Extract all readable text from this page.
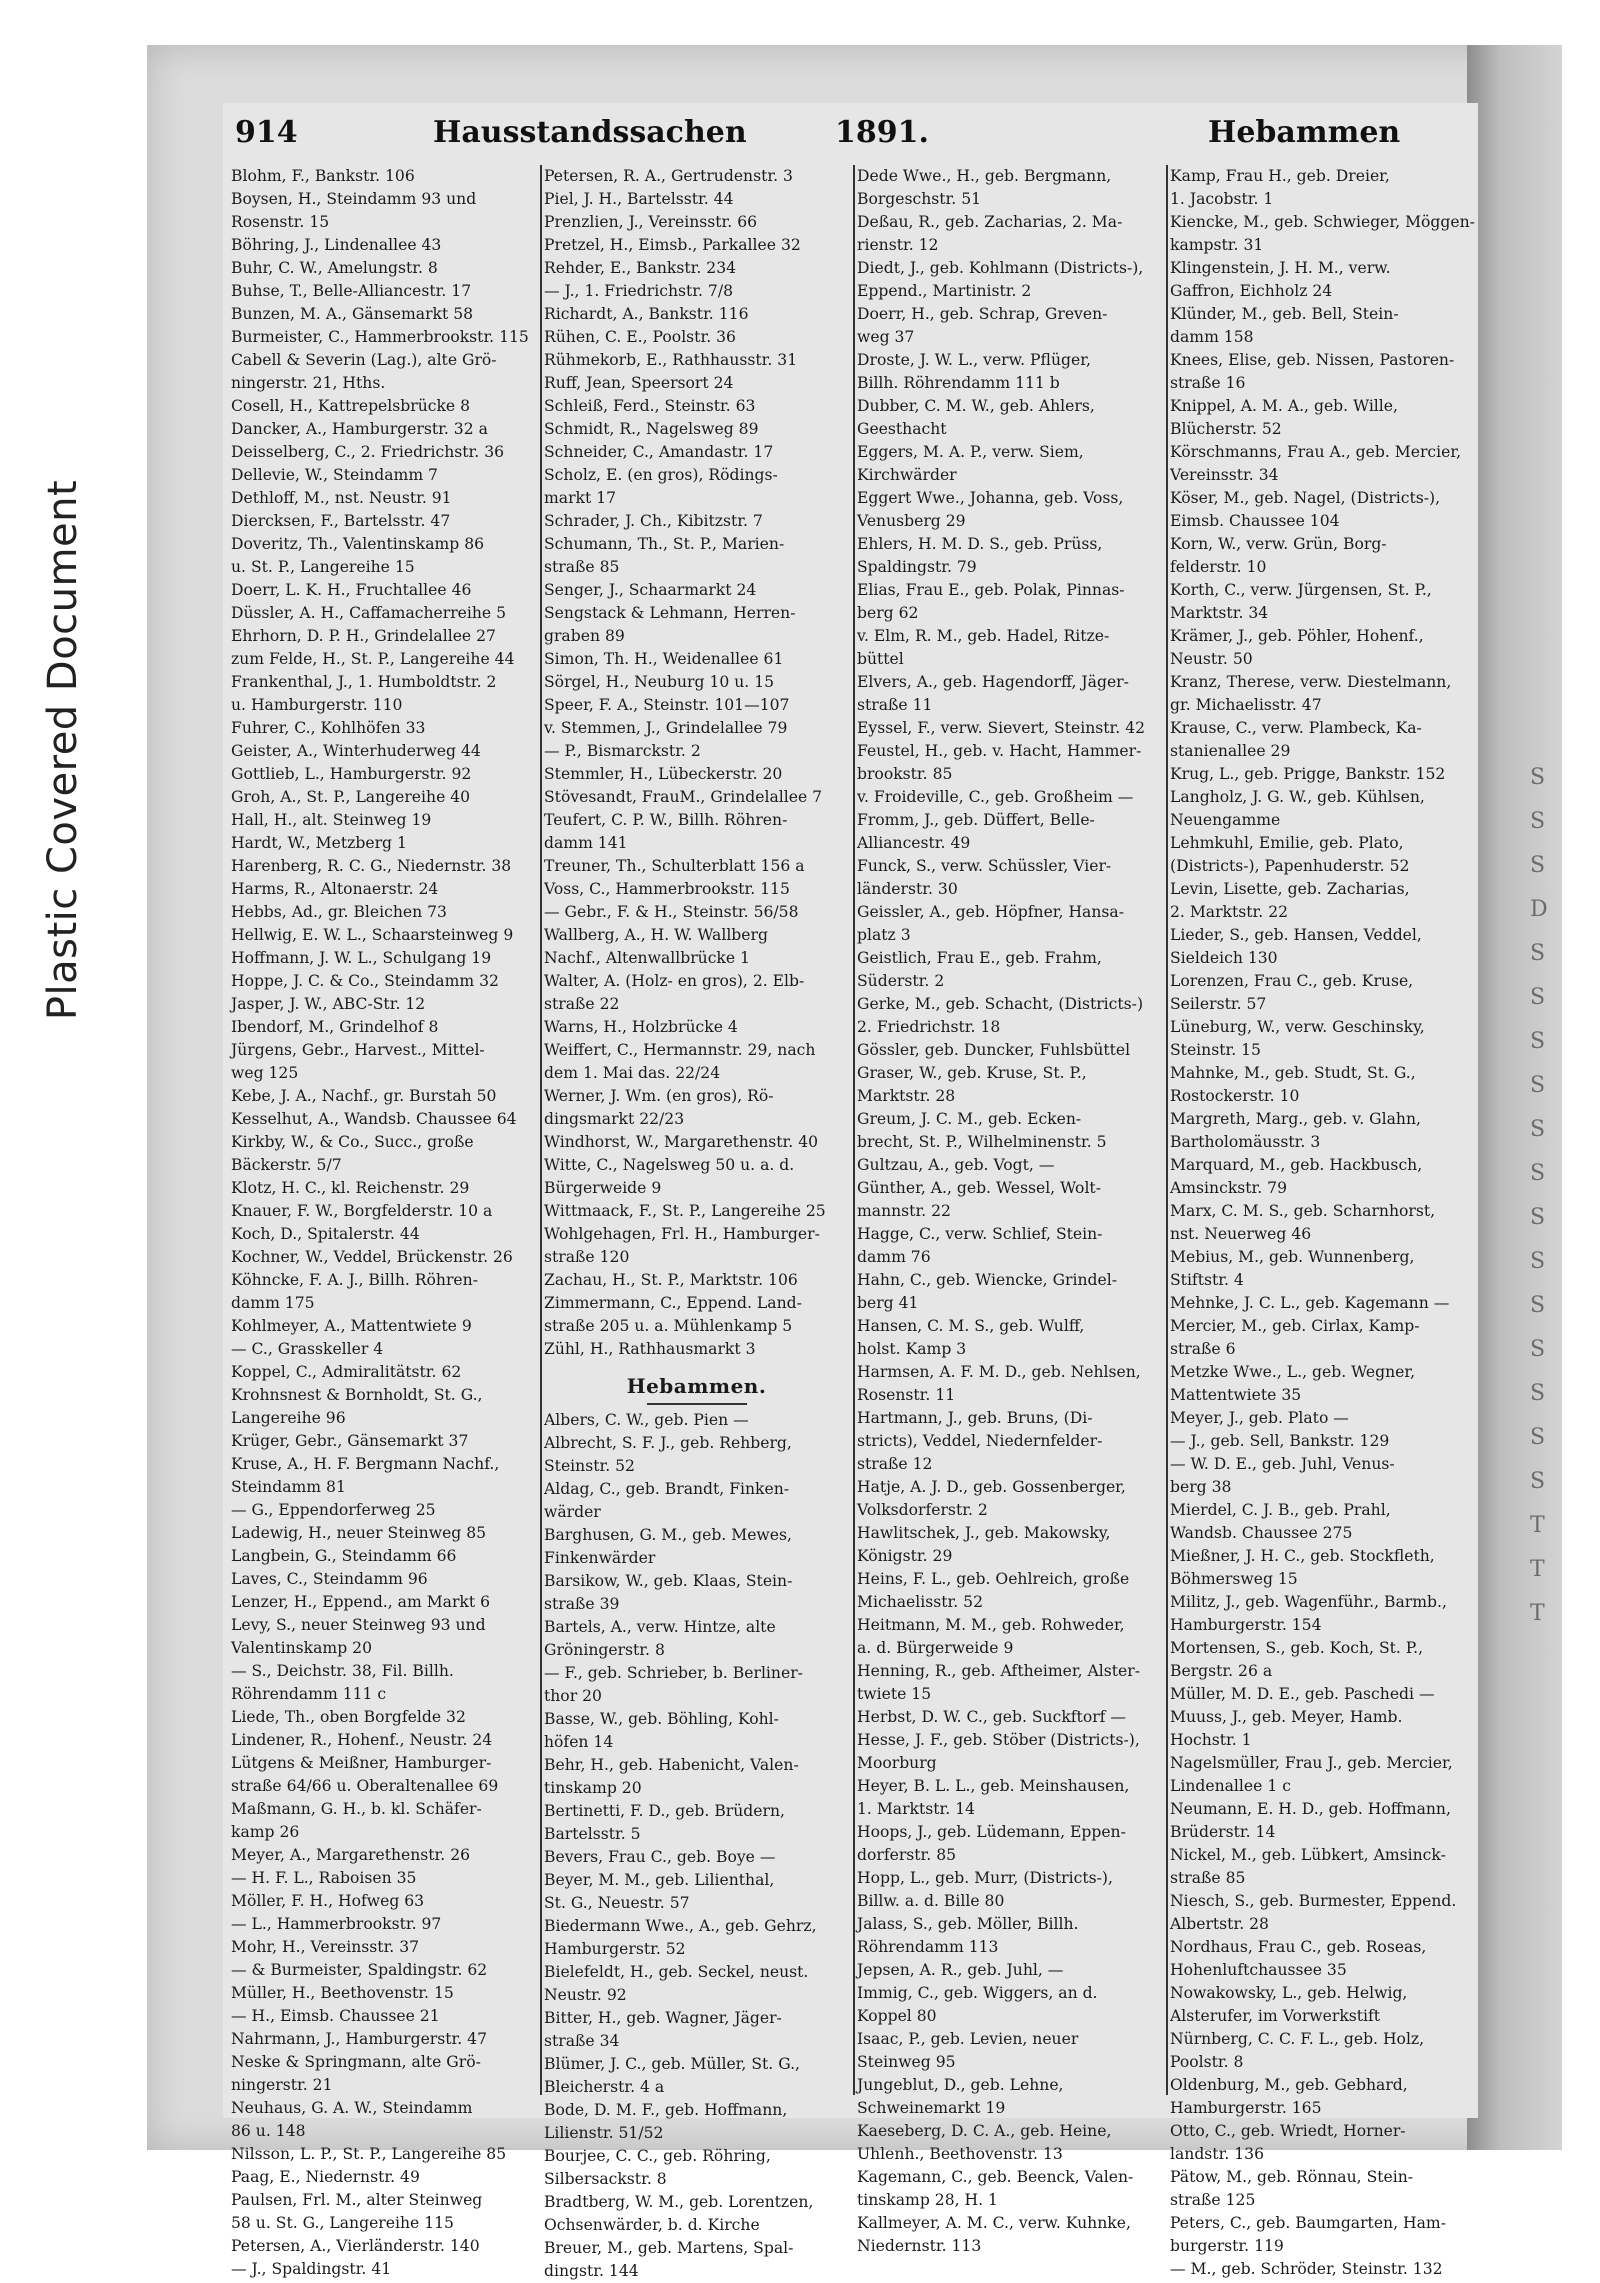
Plastic Covered Document	S
S
S
D
S
S
S
S
S
S
S
S
S
S
S
S
S
T
T
T
914	Hausstandssachen	1891.	Hebammen
Blohm, F., Bankstr. 106
Boysen, H., Steindamm 93 und
Rosenstr. 15
Böhring, J., Lindenallee 43
Buhr, C. W., Amelungstr. 8
Buhse, T., Belle-Alliancestr. 17
Bunzen, M. A., Gänsemarkt 58
Burmeister, C., Hammerbrookstr. 115
Cabell & Severin (Lag.), alte Grö-
ningerstr. 21, Hths.
Cosell, H., Kattrepelsbrücke 8
Dancker, A., Hamburgerstr. 32 a
Deisselberg, C., 2. Friedrichstr. 36
Dellevie, W., Steindamm 7
Dethloff, M., nst. Neustr. 91
Diercksen, F., Bartelsstr. 47
Doveritz, Th., Valentinskamp 86
u. St. P., Langereihe 15
Doerr, L. K. H., Fruchtallee 46
Düssler, A. H., Caffamacherreihe 5
Ehrhorn, D. P. H., Grindelallee 27
zum Felde, H., St. P., Langereihe 44
Frankenthal, J., 1. Humboldtstr. 2
u. Hamburgerstr. 110
Fuhrer, C., Kohlhöfen 33
Geister, A., Winterhuderweg 44
Gottlieb, L., Hamburgerstr. 92
Groh, A., St. P., Langereihe 40
Hall, H., alt. Steinweg 19
Hardt, W., Metzberg 1
Harenberg, R. C. G., Niedernstr. 38
Harms, R., Altonaerstr. 24
Hebbs, Ad., gr. Bleichen 73
Hellwig, E. W. L., Schaarsteinweg 9
Hoffmann, J. W. L., Schulgang 19
Hoppe, J. C. & Co., Steindamm 32
Jasper, J. W., ABC-Str. 12
Ibendorf, M., Grindelhof 8
Jürgens, Gebr., Harvest., Mittel-
weg 125
Kebe, J. A., Nachf., gr. Burstah 50
Kesselhut, A., Wandsb. Chaussee 64
Kirkby, W., & Co., Succ., große
Bäckerstr. 5/7
Klotz, H. C., kl. Reichenstr. 29
Knauer, F. W., Borgfelderstr. 10 a
Koch, D., Spitalerstr. 44
Kochner, W., Veddel, Brückenstr. 26
Köhncke, F. A. J., Billh. Röhren-
damm 175
Kohlmeyer, A., Mattentwiete 9
— C., Grasskeller 4
Koppel, C., Admiralitätstr. 62
Krohnsnest & Bornholdt, St. G.,
Langereihe 96
Krüger, Gebr., Gänsemarkt 37
Kruse, A., H. F. Bergmann Nachf.,
Steindamm 81
— G., Eppendorferweg 25
Ladewig, H., neuer Steinweg 85
Langbein, G., Steindamm 66
Laves, C., Steindamm 96
Lenzer, H., Eppend., am Markt 6
Levy, S., neuer Steinweg 93 und
Valentinskamp 20
— S., Deichstr. 38, Fil. Billh.
Röhrendamm 111 c
Liede, Th., oben Borgfelde 32
Lindener, R., Hohenf., Neustr. 24
Lütgens & Meißner, Hamburger-
straße 64/66 u. Oberaltenallee 69
Maßmann, G. H., b. kl. Schäfer-
kamp 26
Meyer, A., Margarethenstr. 26
— H. F. L., Raboisen 35
Möller, F. H., Hofweg 63
— L., Hammerbrookstr. 97
Mohr, H., Vereinsstr. 37
— & Burmeister, Spaldingstr. 62
Müller, H., Beethovenstr. 15
— H., Eimsb. Chaussee 21
Nahrmann, J., Hamburgerstr. 47
Neske & Springmann, alte Grö-
ningerstr. 21
Neuhaus, G. A. W., Steindamm
86 u. 148
Nilsson, L. P., St. P., Langereihe 85
Paag, E., Niedernstr. 49
Paulsen, Frl. M., alter Steinweg
58 u. St. G., Langereihe 115
Petersen, A., Vierländerstr. 140
— J., Spaldingstr. 41
Petersen, R. A., Gertrudenstr. 3
Piel, J. H., Bartelsstr. 44
Prenzlien, J., Vereinsstr. 66
Pretzel, H., Eimsb., Parkallee 32
Rehder, E., Bankstr. 234
— J., 1. Friedrichstr. 7/8
Richardt, A., Bankstr. 116
Rühen, C. E., Poolstr. 36
Rühmekorb, E., Rathhausstr. 31
Ruff, Jean, Speersort 24
Schleiß, Ferd., Steinstr. 63
Schmidt, R., Nagelsweg 89
Schneider, C., Amandastr. 17
Scholz, E. (en gros), Rödings-
markt 17
Schrader, J. Ch., Kibitzstr. 7
Schumann, Th., St. P., Marien-
straße 85
Senger, J., Schaarmarkt 24
Sengstack & Lehmann, Herren-
graben 89
Simon, Th. H., Weidenallee 61
Sörgel, H., Neuburg 10 u. 15
Speer, F. A., Steinstr. 101—107
v. Stemmen, J., Grindelallee 79
— P., Bismarckstr. 2
Stemmler, H., Lübeckerstr. 20
Stövesandt, FrauM., Grindelallee 7
Teufert, C. P. W., Billh. Röhren-
damm 141
Treuner, Th., Schulterblatt 156 a
Voss, C., Hammerbrookstr. 115
— Gebr., F. & H., Steinstr. 56/58
Wallberg, A., H. W. Wallberg
Nachf., Altenwallbrücke 1
Walter, A. (Holz- en gros), 2. Elb-
straße 22
Warns, H., Holzbrücke 4
Weiffert, C., Hermannstr. 29, nach
dem 1. Mai das. 22/24
Werner, J. Wm. (en gros), Rö-
dingsmarkt 22/23
Windhorst, W., Margarethenstr. 40
Witte, C., Nagelsweg 50 u. a. d.
Bürgerweide 9
Wittmaack, F., St. P., Langereihe 25
Wohlgehagen, Frl. H., Hamburger-
straße 120
Zachau, H., St. P., Marktstr. 106
Zimmermann, C., Eppend. Land-
straße 205 u. a. Mühlenkamp 5
Zühl, H., Rathhausmarkt 3
Hebammen.
Albers, C. W., geb. Pien —
Albrecht, S. F. J., geb. Rehberg,
Steinstr. 52
Aldag, C., geb. Brandt, Finken-
wärder
Barghusen, G. M., geb. Mewes,
Finkenwärder
Barsikow, W., geb. Klaas, Stein-
straße 39
Bartels, A., verw. Hintze, alte
Gröningerstr. 8
— F., geb. Schrieber, b. Berliner-
thor 20
Basse, W., geb. Böhling, Kohl-
höfen 14
Behr, H., geb. Habenicht, Valen-
tinskamp 20
Bertinetti, F. D., geb. Brüdern,
Bartelsstr. 5
Bevers, Frau C., geb. Boye —
Beyer, M. M., geb. Lilienthal,
St. G., Neuestr. 57
Biedermann Wwe., A., geb. Gehrz,
Hamburgerstr. 52
Bielefeldt, H., geb. Seckel, neust.
Neustr. 92
Bitter, H., geb. Wagner, Jäger-
straße 34
Blümer, J. C., geb. Müller, St. G.,
Bleicherstr. 4 a
Bode, D. M. F., geb. Hoffmann,
Lilienstr. 51/52
Bourjee, C. C., geb. Röhring,
Silbersackstr. 8
Bradtberg, W. M., geb. Lorentzen,
Ochsenwärder, b. d. Kirche
Breuer, M., geb. Martens, Spal-
dingstr. 144
Dede Wwe., H., geb. Bergmann,
Borgeschstr. 51
Deßau, R., geb. Zacharias, 2. Ma-
rienstr. 12
Diedt, J., geb. Kohlmann (Districts-),
Eppend., Martinistr. 2
Doerr, H., geb. Schrap, Greven-
weg 37
Droste, J. W. L., verw. Pflüger,
Billh. Röhrendamm 111 b
Dubber, C. M. W., geb. Ahlers,
Geesthacht
Eggers, M. A. P., verw. Siem,
Kirchwärder
Eggert Wwe., Johanna, geb. Voss,
Venusberg 29
Ehlers, H. M. D. S., geb. Prüss,
Spaldingstr. 79
Elias, Frau E., geb. Polak, Pinnas-
berg 62
v. Elm, R. M., geb. Hadel, Ritze-
büttel
Elvers, A., geb. Hagendorff, Jäger-
straße 11
Eyssel, F., verw. Sievert, Steinstr. 42
Feustel, H., geb. v. Hacht, Hammer-
brookstr. 85
v. Froideville, C., geb. Großheim —
Fromm, J., geb. Düffert, Belle-
Alliancestr. 49
Funck, S., verw. Schüssler, Vier-
länderstr. 30
Geissler, A., geb. Höpfner, Hansa-
platz 3
Geistlich, Frau E., geb. Frahm,
Süderstr. 2
Gerke, M., geb. Schacht, (Districts-)
2. Friedrichstr. 18
Gössler, geb. Duncker, Fuhlsbüttel
Graser, W., geb. Kruse, St. P.,
Marktstr. 28
Greum, J. C. M., geb. Ecken-
brecht, St. P., Wilhelminenstr. 5
Gultzau, A., geb. Vogt, —
Günther, A., geb. Wessel, Wolt-
mannstr. 22
Hagge, C., verw. Schlief, Stein-
damm 76
Hahn, C., geb. Wiencke, Grindel-
berg 41
Hansen, C. M. S., geb. Wulff,
holst. Kamp 3
Harmsen, A. F. M. D., geb. Nehlsen,
Rosenstr. 11
Hartmann, J., geb. Bruns, (Di-
stricts), Veddel, Niedernfelder-
straße 12
Hatje, A. J. D., geb. Gossenberger,
Volksdorferstr. 2
Hawlitschek, J., geb. Makowsky,
Königstr. 29
Heins, F. L., geb. Oehlreich, große
Michaelisstr. 52
Heitmann, M. M., geb. Rohweder,
a. d. Bürgerweide 9
Henning, R., geb. Aftheimer, Alster-
twiete 15
Herbst, D. W. C., geb. Suckftorf —
Hesse, J. F., geb. Stöber (Districts-),
Moorburg
Heyer, B. L. L., geb. Meinshausen,
1. Marktstr. 14
Hoops, J., geb. Lüdemann, Eppen-
dorferstr. 85
Hopp, L., geb. Murr, (Districts-),
Billw. a. d. Bille 80
Jalass, S., geb. Möller, Billh.
Röhrendamm 113
Jepsen, A. R., geb. Juhl, —
Immig, C., geb. Wiggers, an d.
Koppel 80
Isaac, P., geb. Levien, neuer
Steinweg 95
Jungeblut, D., geb. Lehne,
Schweinemarkt 19
Kaeseberg, D. C. A., geb. Heine,
Uhlenh., Beethovenstr. 13
Kagemann, C., geb. Beenck, Valen-
tinskamp 28, H. 1
Kallmeyer, A. M. C., verw. Kuhnke,
Niedernstr. 113
Kamp, Frau H., geb. Dreier,
1. Jacobstr. 1
Kiencke, M., geb. Schwieger, Möggen-
kampstr. 31
Klingenstein, J. H. M., verw.
Gaffron, Eichholz 24
Klünder, M., geb. Bell, Stein-
damm 158
Knees, Elise, geb. Nissen, Pastoren-
straße 16
Knippel, A. M. A., geb. Wille,
Blücherstr. 52
Körschmanns, Frau A., geb. Mercier,
Vereinsstr. 34
Köser, M., geb. Nagel, (Districts-),
Eimsb. Chaussee 104
Korn, W., verw. Grün, Borg-
felderstr. 10
Korth, C., verw. Jürgensen, St. P.,
Marktstr. 34
Krämer, J., geb. Pöhler, Hohenf.,
Neustr. 50
Kranz, Therese, verw. Diestelmann,
gr. Michaelisstr. 47
Krause, C., verw. Plambeck, Ka-
stanienallee 29
Krug, L., geb. Prigge, Bankstr. 152
Langholz, J. G. W., geb. Kühlsen,
Neuengamme
Lehmkuhl, Emilie, geb. Plato,
(Districts-), Papenhuderstr. 52
Levin, Lisette, geb. Zacharias,
2. Marktstr. 22
Lieder, S., geb. Hansen, Veddel,
Sieldeich 130
Lorenzen, Frau C., geb. Kruse,
Seilerstr. 57
Lüneburg, W., verw. Geschinsky,
Steinstr. 15
Mahnke, M., geb. Studt, St. G.,
Rostockerstr. 10
Margreth, Marg., geb. v. Glahn,
Bartholomäusstr. 3
Marquard, M., geb. Hackbusch,
Amsinckstr. 79
Marx, C. M. S., geb. Scharnhorst,
nst. Neuerweg 46
Mebius, M., geb. Wunnenberg,
Stiftstr. 4
Mehnke, J. C. L., geb. Kagemann —
Mercier, M., geb. Cirlax, Kamp-
straße 6
Metzke Wwe., L., geb. Wegner,
Mattentwiete 35
Meyer, J., geb. Plato —
— J., geb. Sell, Bankstr. 129
— W. D. E., geb. Juhl, Venus-
berg 38
Mierdel, C. J. B., geb. Prahl,
Wandsb. Chaussee 275
Mießner, J. H. C., geb. Stockfleth,
Böhmersweg 15
Militz, J., geb. Wagenführ., Barmb.,
Hamburgerstr. 154
Mortensen, S., geb. Koch, St. P.,
Bergstr. 26 a
Müller, M. D. E., geb. Paschedi —
Muuss, J., geb. Meyer, Hamb.
Hochstr. 1
Nagelsmüller, Frau J., geb. Mercier,
Lindenallee 1 c
Neumann, E. H. D., geb. Hoffmann,
Brüderstr. 14
Nickel, M., geb. Lübkert, Amsinck-
straße 85
Niesch, S., geb. Burmester, Eppend.
Albertstr. 28
Nordhaus, Frau C., geb. Roseas,
Hohenluftchaussee 35
Nowakowsky, L., geb. Helwig,
Alsterufer, im Vorwerkstift
Nürnberg, C. C. F. L., geb. Holz,
Poolstr. 8
Oldenburg, M., geb. Gebhard,
Hamburgerstr. 165
Otto, C., geb. Wriedt, Horner-
landstr. 136
Pätow, M., geb. Rönnau, Stein-
straße 125
Peters, C., geb. Baumgarten, Ham-
burgerstr. 119
— M., geb. Schröder, Steinstr. 132
